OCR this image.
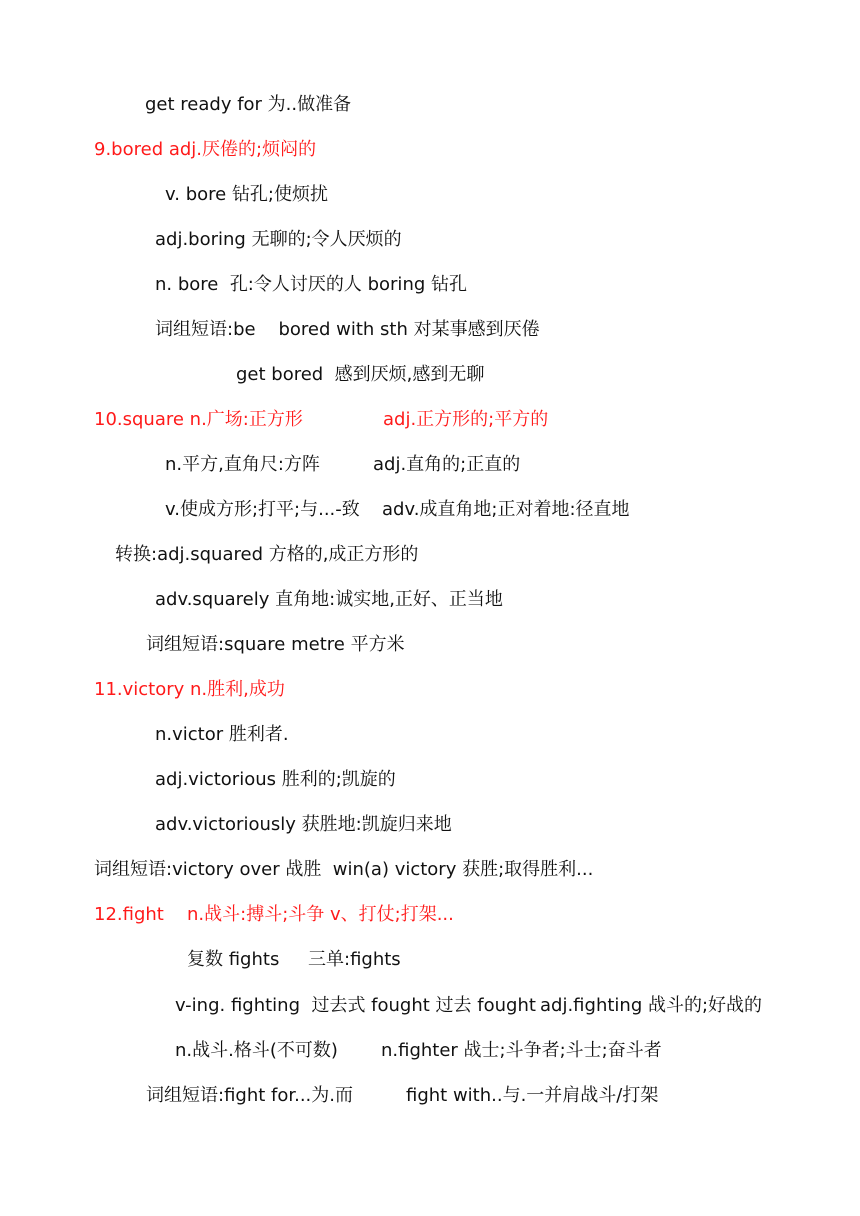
get ready for 为..做准备
9.bored adj.厌倦的;烦闷的
v. bore 钻孔;使烦扰
adj.boring 无聊的;令人厌烦的
n. bore  孔:令人讨厌的人 boring 钻孔
词组短语:be    bored with sth 对某事感到厌倦
get bored  感到厌烦,感到无聊
10.square n.广场:正方形	adj.正方形的;平方的
n.平方,直角尺:方阵	adj.直角的;正直的
v.使成方形;打平;与...-致 adv.成直角地;正对着地:径直地
转换:adj.squared 方格的,成正方形的
adv.squarely 直角地:诚实地,正好、正当地
词组短语:square metre 平方米
11.victory n.胜利,成功
n.victor 胜利者.
adj.victorious 胜利的;凯旋的
adv.victoriously 获胜地:凯旋归来地
词组短语:victory over 战胜  win(a) victory 获胜;取得胜利...
12.fight n.战斗:搏斗;斗争 v、打仗;打架...
复数 fights 三单:fights
v-ing. fighting  过去式 fought 过去 fought adj.fighting 战斗的;好战的
n.战斗.格斗(不可数) n.fighter 战士;斗争者;斗士;奋斗者
词组短语:fight for...为.而	fight with..与.一并肩战斗/打架
